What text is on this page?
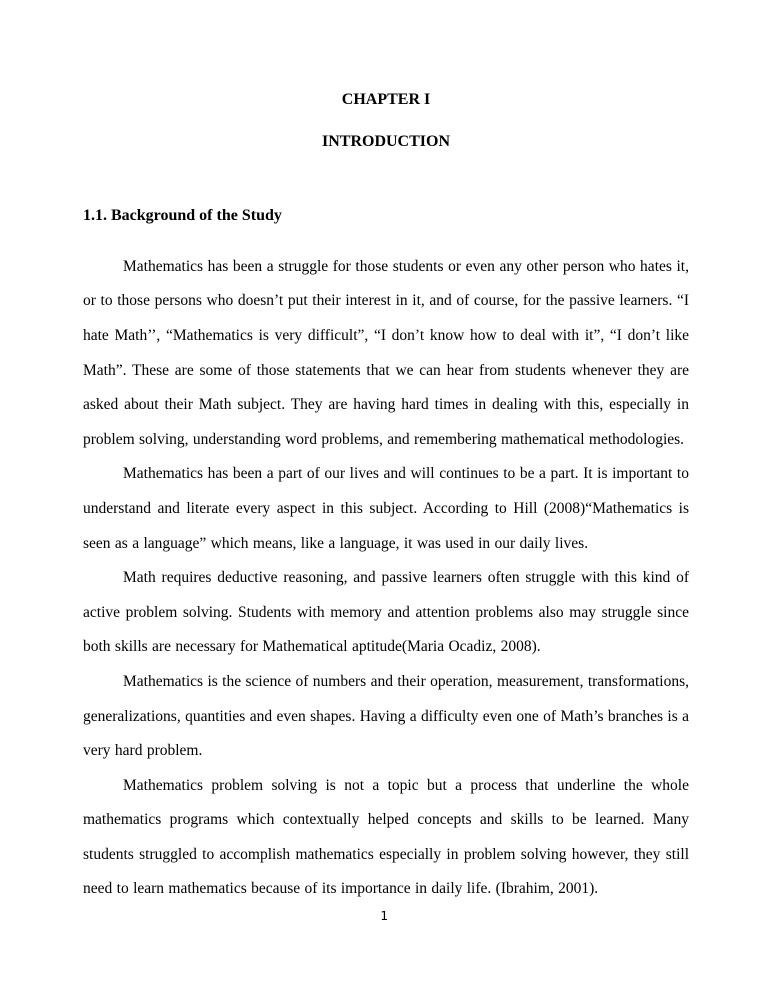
CHAPTER I
INTRODUCTION
1.1. Background of the Study

Mathematics has been a struggle for those students or even any other person who hates it, or to those persons who doesn’t put their interest in it, and of course, for the passive learners. “I hate Math’’, “Mathematics is very difficult”, “I don’t know how to deal with it”, “I don’t like Math”. These are some of those statements that we can hear from students whenever they are asked about their Math subject. They are having hard times in dealing with this, especially in problem solving, understanding word problems, and remembering mathematical methodologies.

Mathematics has been a part of our lives and will continues to be a part. It is important to understand and literate every aspect in this subject. According to Hill (2008)“Mathematics is seen as a language” which means, like a language, it was used in our daily lives.

Math requires deductive reasoning, and passive learners often struggle with this kind of active problem solving. Students with memory and attention problems also may struggle since both skills are necessary for Mathematical aptitude(Maria Ocadiz, 2008).

Mathematics is the science of numbers and their operation, measurement, transformations, generalizations, quantities and even shapes. Having a difficulty even one of Math’s branches is a very hard problem.

Mathematics problem solving is not a topic but a process that underline the whole mathematics programs which contextually helped concepts and skills to be learned. Many students struggled to accomplish mathematics especially in problem solving however, they still need to learn mathematics because of its importance in daily life. (Ibrahim, 2001).

1
